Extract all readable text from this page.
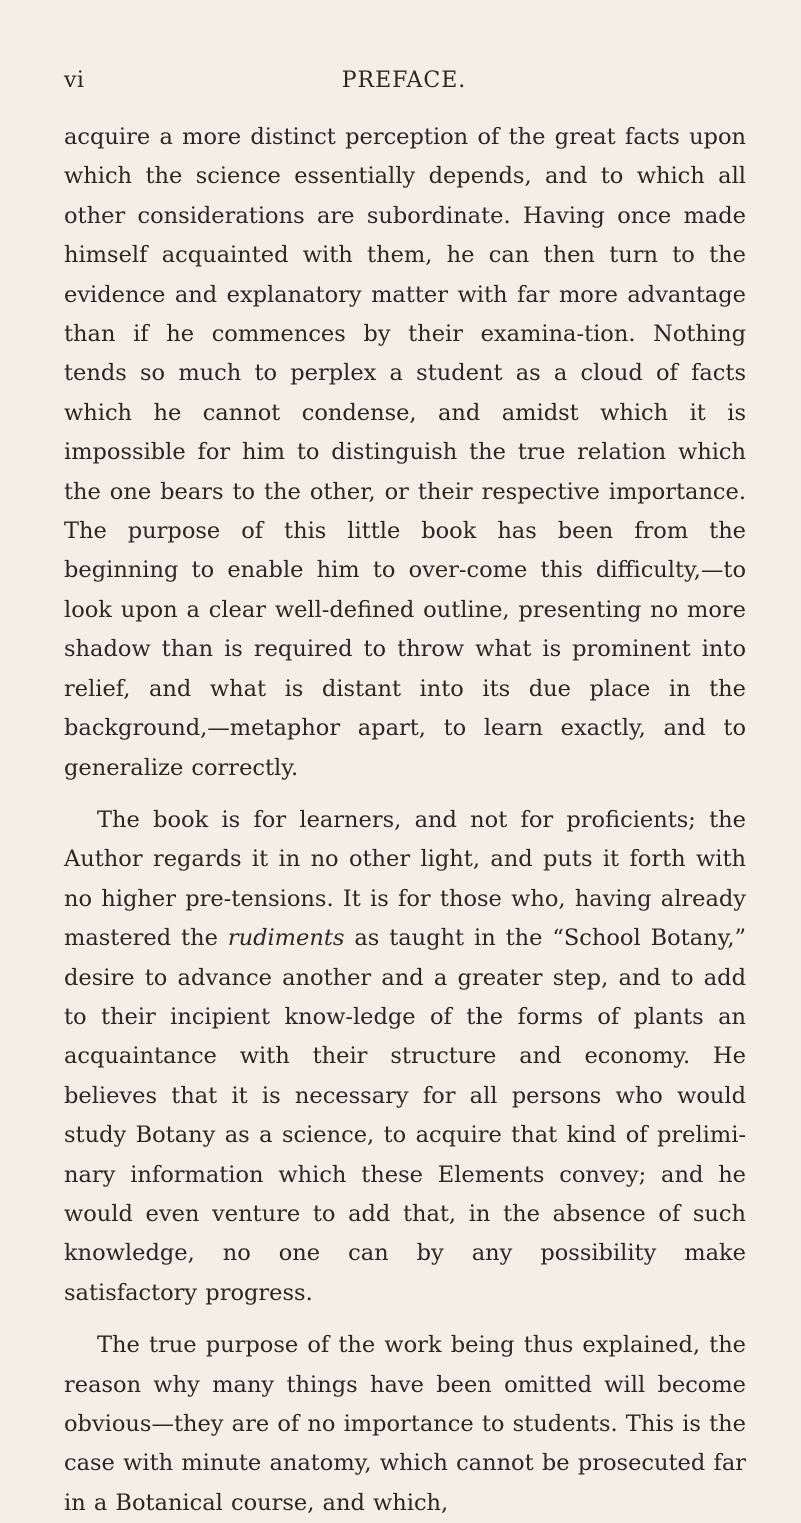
vi	PREFACE.

acquire a more distinct perception of the great facts upon which the science essentially depends, and to which all other considerations are subordinate. Having once made himself acquainted with them, he can then turn to the evidence and explanatory matter with far more advantage than if he commences by their examina-tion. Nothing tends so much to perplex a student as a cloud of facts which he cannot condense, and amidst which it is impossible for him to distinguish the true relation which the one bears to the other, or their respective importance. The purpose of this little book has been from the beginning to enable him to over-come this difficulty,—to look upon a clear well-defined outline, presenting no more shadow than is required to throw what is prominent into relief, and what is distant into its due place in the background,—metaphor apart, to learn exactly, and to generalize correctly.

The book is for learners, and not for proficients; the Author regards it in no other light, and puts it forth with no higher pre-tensions. It is for those who, having already mastered the rudiments as taught in the “School Botany,” desire to advance another and a greater step, and to add to their incipient know-ledge of the forms of plants an acquaintance with their structure and economy. He believes that it is necessary for all persons who would study Botany as a science, to acquire that kind of prelimi-nary information which these Elements convey; and he would even venture to add that, in the absence of such knowledge, no one can by any possibility make satisfactory progress.

The true purpose of the work being thus explained, the reason why many things have been omitted will become obvious—they are of no importance to students. This is the case with minute anatomy, which cannot be prosecuted far in a Botanical course, and which,
